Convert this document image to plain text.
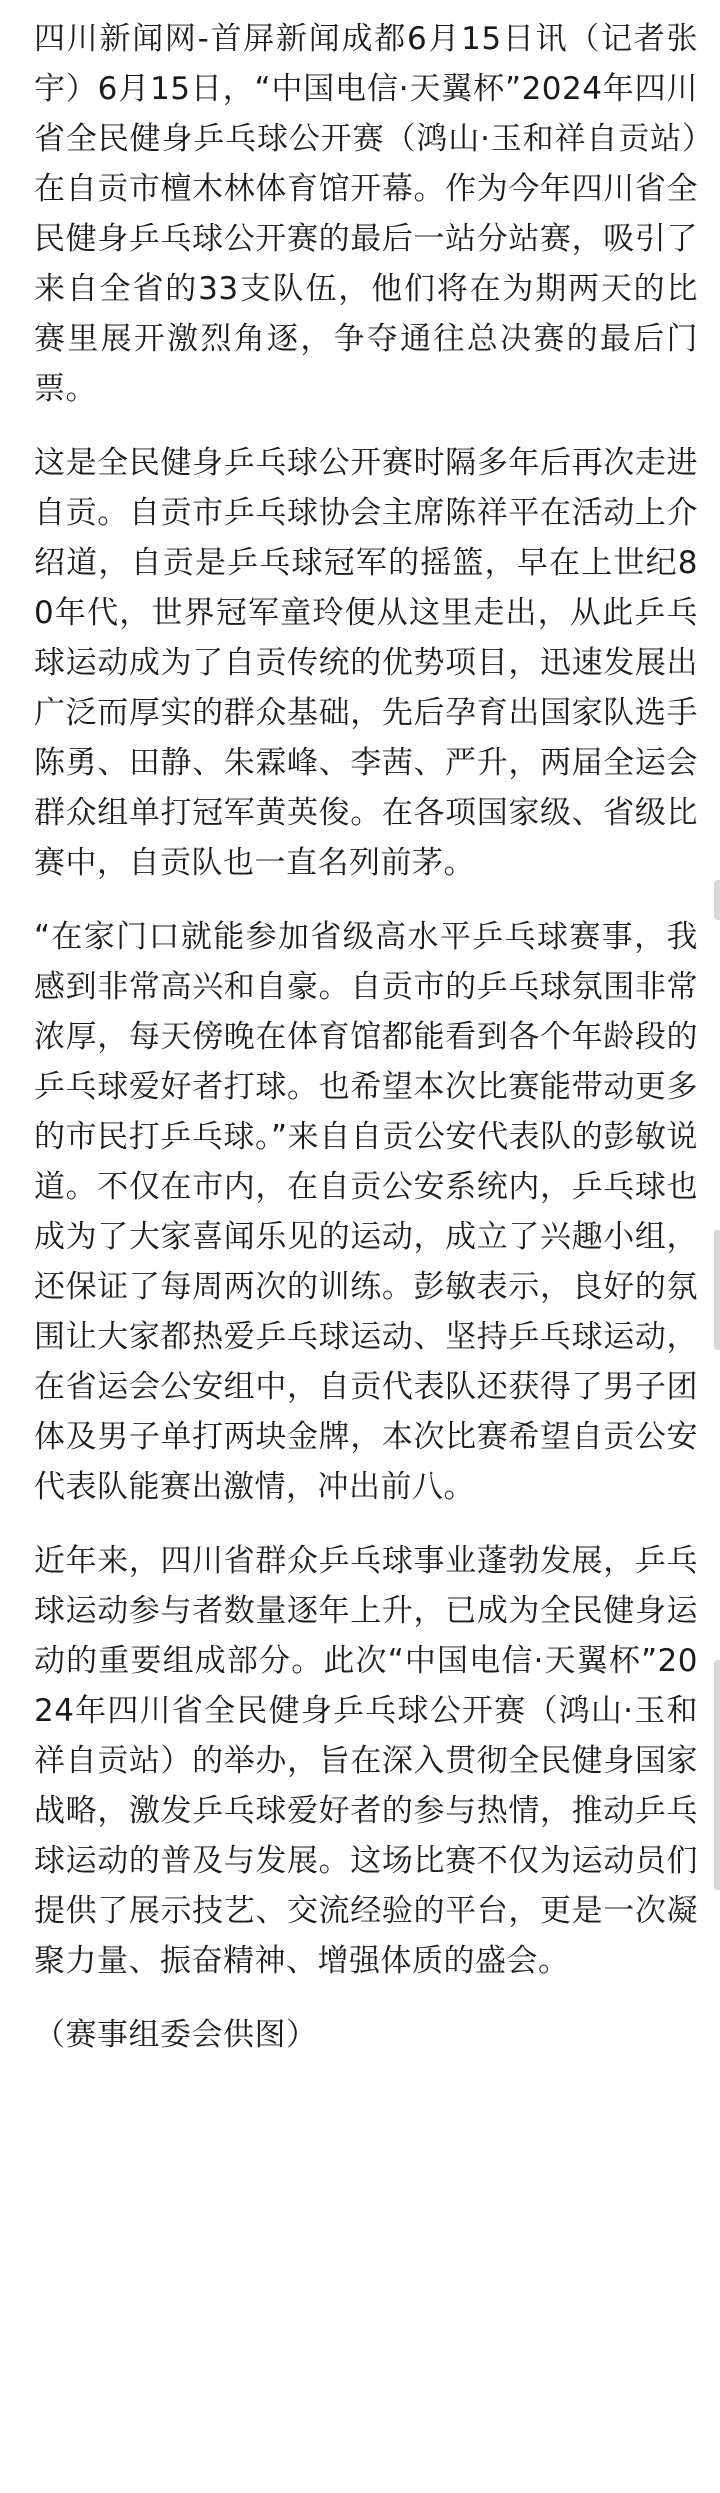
四川新闻网-首屏新闻成都6月15日讯（记者张宇）6月15日，“中国电信·天翼杯”2024年四川省全民健身乒乓球公开赛（鸿山·玉和祥自贡站）在自贡市檀木林体育馆开幕。作为今年四川省全民健身乒乓球公开赛的最后一站分站赛，吸引了来自全省的33支队伍，他们将在为期两天的比赛里展开激烈角逐，争夺通往总决赛的最后门票。

这是全民健身乒乓球公开赛时隔多年后再次走进自贡。自贡市乒乓球协会主席陈祥平在活动上介绍道，自贡是乒乓球冠军的摇篮，早在上世纪80年代，世界冠军童玲便从这里走出，从此乒乓球运动成为了自贡传统的优势项目，迅速发展出广泛而厚实的群众基础，先后孕育出国家队选手陈勇、田静、朱霖峰、李茜、严升，两届全运会群众组单打冠军黄英俊。在各项国家级、省级比赛中，自贡队也一直名列前茅。

“在家门口就能参加省级高水平乒乓球赛事，我感到非常高兴和自豪。自贡市的乒乓球氛围非常浓厚，每天傍晚在体育馆都能看到各个年龄段的乒乓球爱好者打球。也希望本次比赛能带动更多的市民打乒乓球。”来自自贡公安代表队的彭敏说道。不仅在市内，在自贡公安系统内，乒乓球也成为了大家喜闻乐见的运动，成立了兴趣小组，还保证了每周两次的训练。彭敏表示，良好的氛围让大家都热爱乒乓球运动、坚持乒乓球运动，在省运会公安组中，自贡代表队还获得了男子团体及男子单打两块金牌，本次比赛希望自贡公安代表队能赛出激情，冲出前八。

近年来，四川省群众乒乓球事业蓬勃发展，乒乓球运动参与者数量逐年上升，已成为全民健身运动的重要组成部分。此次“中国电信·天翼杯”2024年四川省全民健身乒乓球公开赛（鸿山·玉和祥自贡站）的举办，旨在深入贯彻全民健身国家战略，激发乒乓球爱好者的参与热情，推动乒乓球运动的普及与发展。这场比赛不仅为运动员们提供了展示技艺、交流经验的平台，更是一次凝聚力量、振奋精神、增强体质的盛会。

（赛事组委会供图）
